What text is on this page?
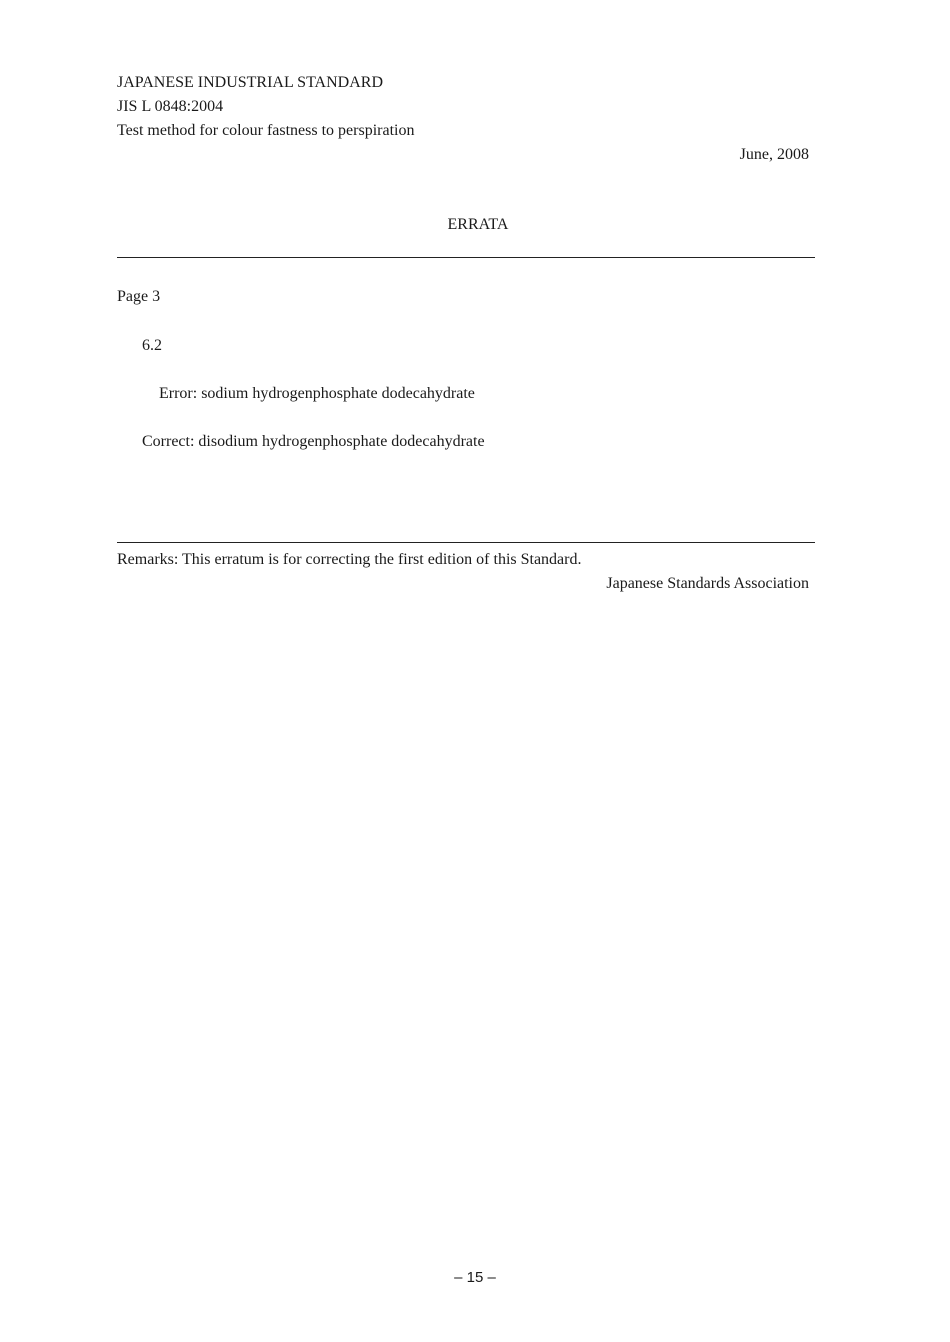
JAPANESE INDUSTRIAL STANDARD
JIS L 0848:2004
Test method for colour fastness to perspiration
June, 2008
ERRATA
Page 3
6.2
Error: sodium hydrogenphosphate dodecahydrate
Correct: disodium hydrogenphosphate dodecahydrate
Remarks: This erratum is for correcting the first edition of this Standard.
Japanese Standards Association
– 15 –
